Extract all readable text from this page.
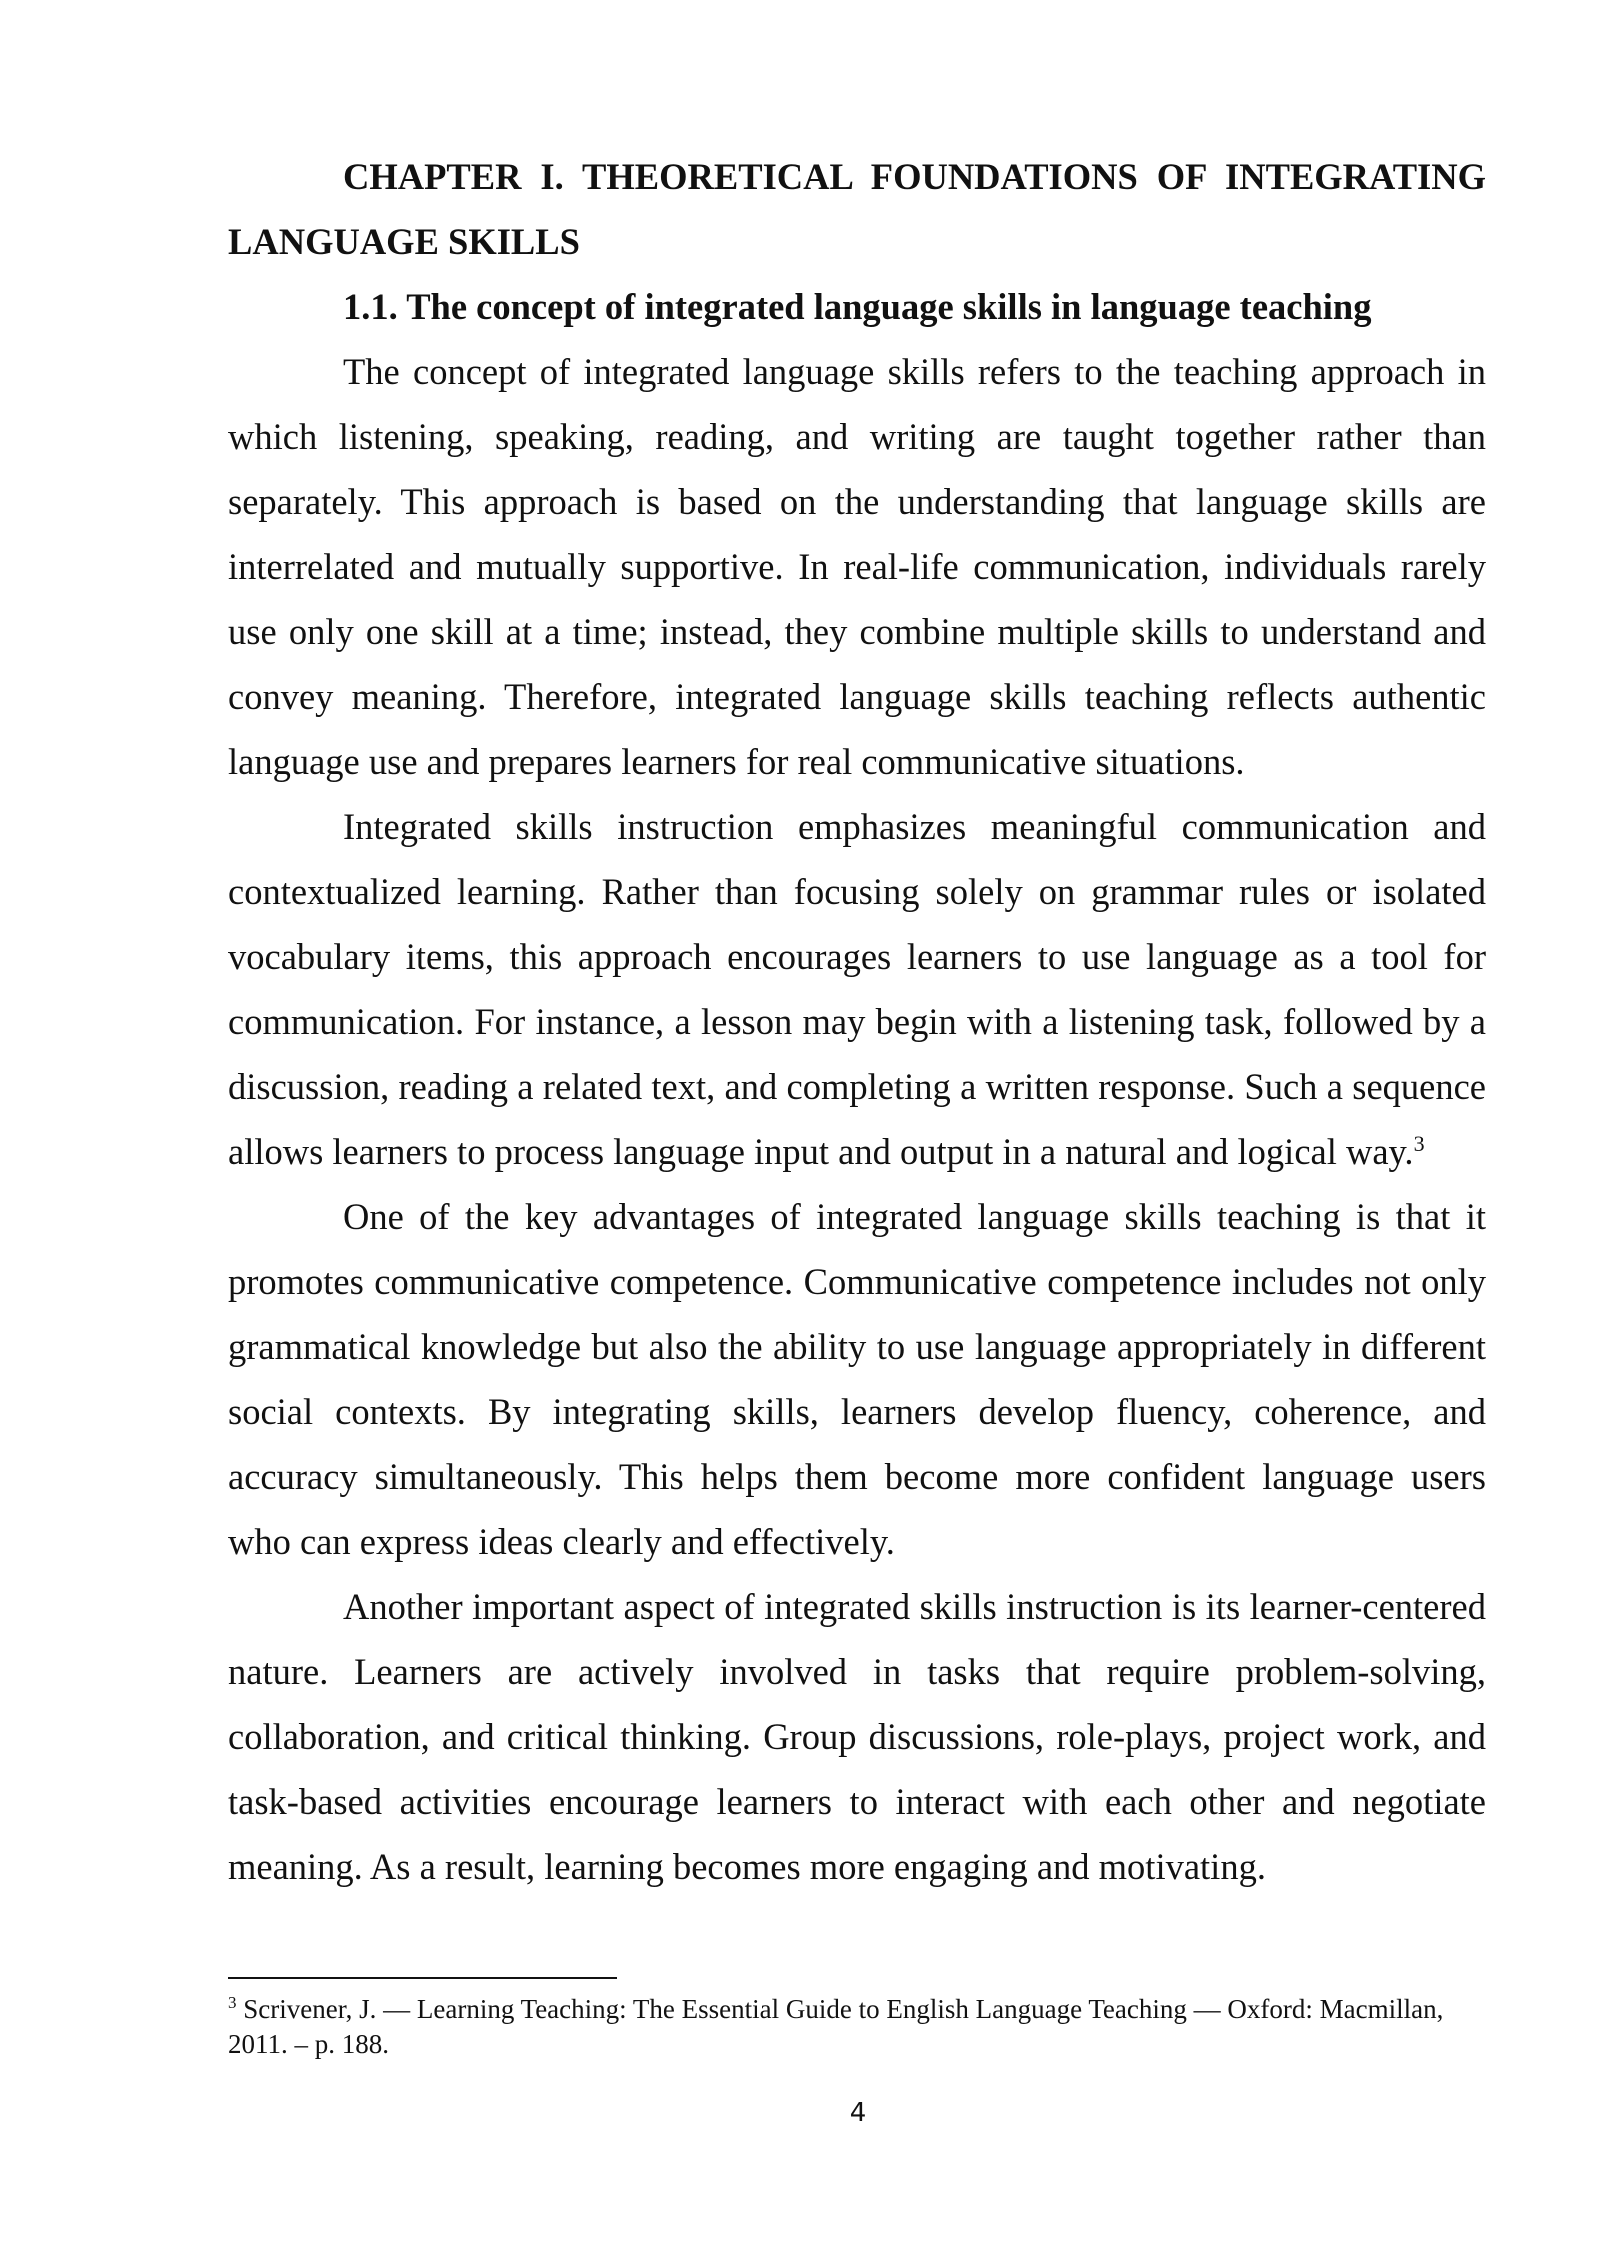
CHAPTER I. THEORETICAL FOUNDATIONS OF INTEGRATING LANGUAGE SKILLS

1.1. The concept of integrated language skills in language teaching

The concept of integrated language skills refers to the teaching approach in which listening, speaking, reading, and writing are taught together rather than separately. This approach is based on the understanding that language skills are interrelated and mutually supportive. In real-life communication, individuals rarely use only one skill at a time; instead, they combine multiple skills to understand and convey meaning. Therefore, integrated language skills teaching reflects authentic language use and prepares learners for real communicative situations.

Integrated skills instruction emphasizes meaningful communication and contextualized learning. Rather than focusing solely on grammar rules or isolated vocabulary items, this approach encourages learners to use language as a tool for communication. For instance, a lesson may begin with a listening task, followed by a discussion, reading a related text, and completing a written response. Such a sequence allows learners to process language input and output in a natural and logical way.$^3$

One of the key advantages of integrated language skills teaching is that it promotes communicative competence. Communicative competence includes not only grammatical knowledge but also the ability to use language appropriately in different social contexts. By integrating skills, learners develop fluency, coherence, and accuracy simultaneously. This helps them become more confident language users who can express ideas clearly and effectively.

Another important aspect of integrated skills instruction is its learner-centered nature. Learners are actively involved in tasks that require problem-solving, collaboration, and critical thinking. Group discussions, role-plays, project work, and task-based activities encourage learners to interact with each other and negotiate meaning. As a result, learning becomes more engaging and motivating.

$^3$ Scrivener, J. — Learning Teaching: The Essential Guide to English Language Teaching — Oxford: Macmillan, 2011. – p. 188.

4
